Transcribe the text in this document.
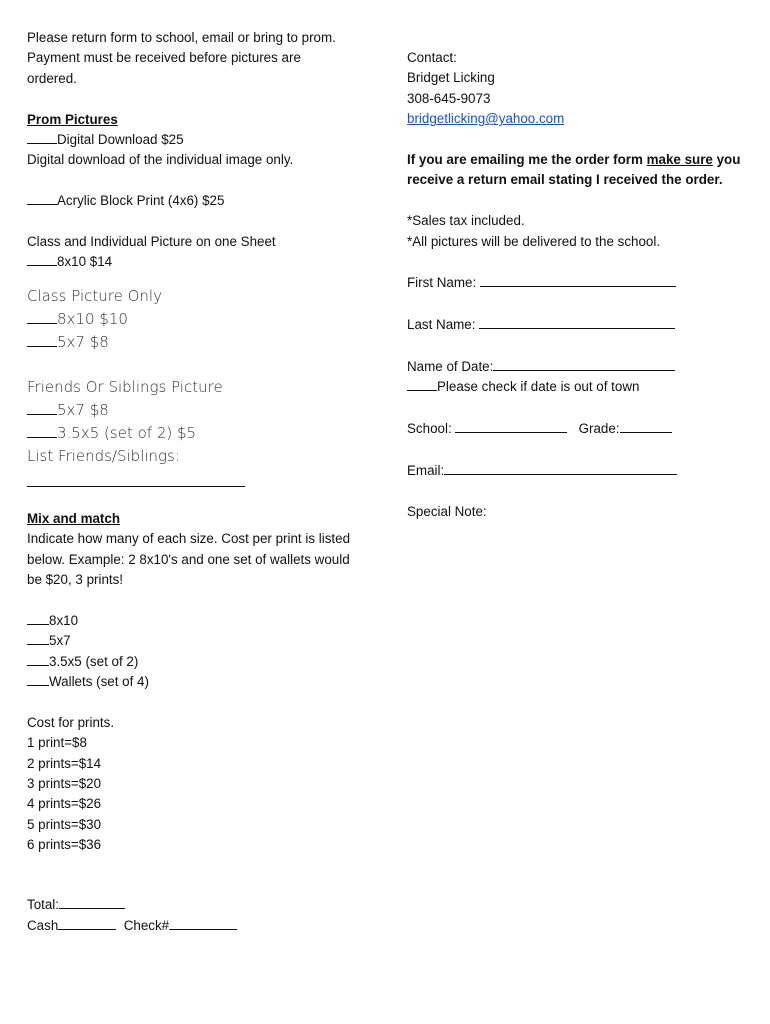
Please return form to school, email or bring to prom.
Payment must be received before pictures are
ordered.
Prom Pictures
Digital Download $25
Digital download of the individual image only.
Acrylic Block Print (4x6) $25
Class and Individual Picture on one Sheet
8x10 $14
Class Picture Only
8x10 $10
5x7 $8
Friends Or Siblings Picture
5x7 $8
3.5x5 (set of 2) $5
List Friends/Siblings:
Mix and match
Indicate how many of each size. Cost per print is listed below. Example: 2 8x10's and one set of wallets would be $20, 3 prints!
8x10
5x7
3.5x5 (set of 2)
Wallets (set of 4)
Cost for prints.
1 print=$8
2 prints=$14
3 prints=$20
4 prints=$26
5 prints=$30
6 prints=$36
Total:
Cash	Check#
Contact:
Bridget Licking
308-645-9073
bridgetlicking@yahoo.com
If you are emailing me the order form make sure you receive a return email stating I received the order.
*Sales tax included.
*All pictures will be delivered to the school.
First Name:
Last Name:
Name of Date:
Please check if date is out of town
School:	Grade:
Email:
Special Note:
